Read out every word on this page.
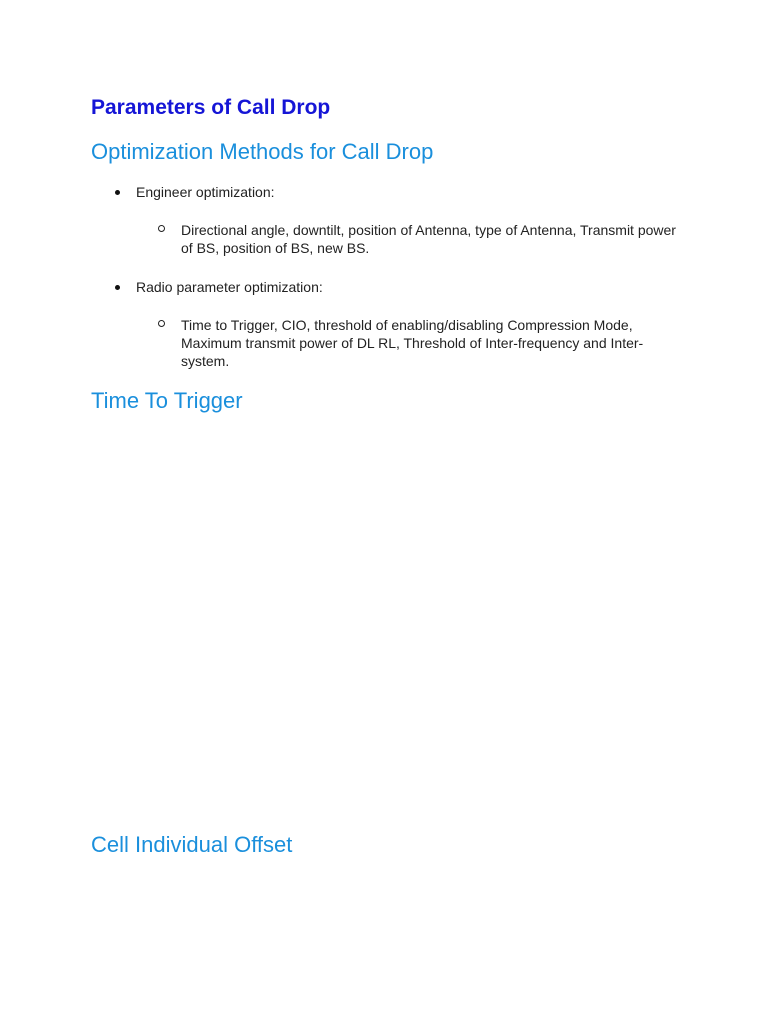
Parameters of Call Drop
Optimization Methods for Call Drop
Engineer optimization:
Directional angle, downtilt, position of Antenna, type of Antenna, Transmit power of BS, position of BS, new BS.
Radio parameter optimization:
Time to Trigger, CIO, threshold of enabling/disabling Compression Mode, Maximum transmit power of DL RL, Threshold of Inter-frequency and Inter-system.
Time To Trigger
Cell Individual Offset
